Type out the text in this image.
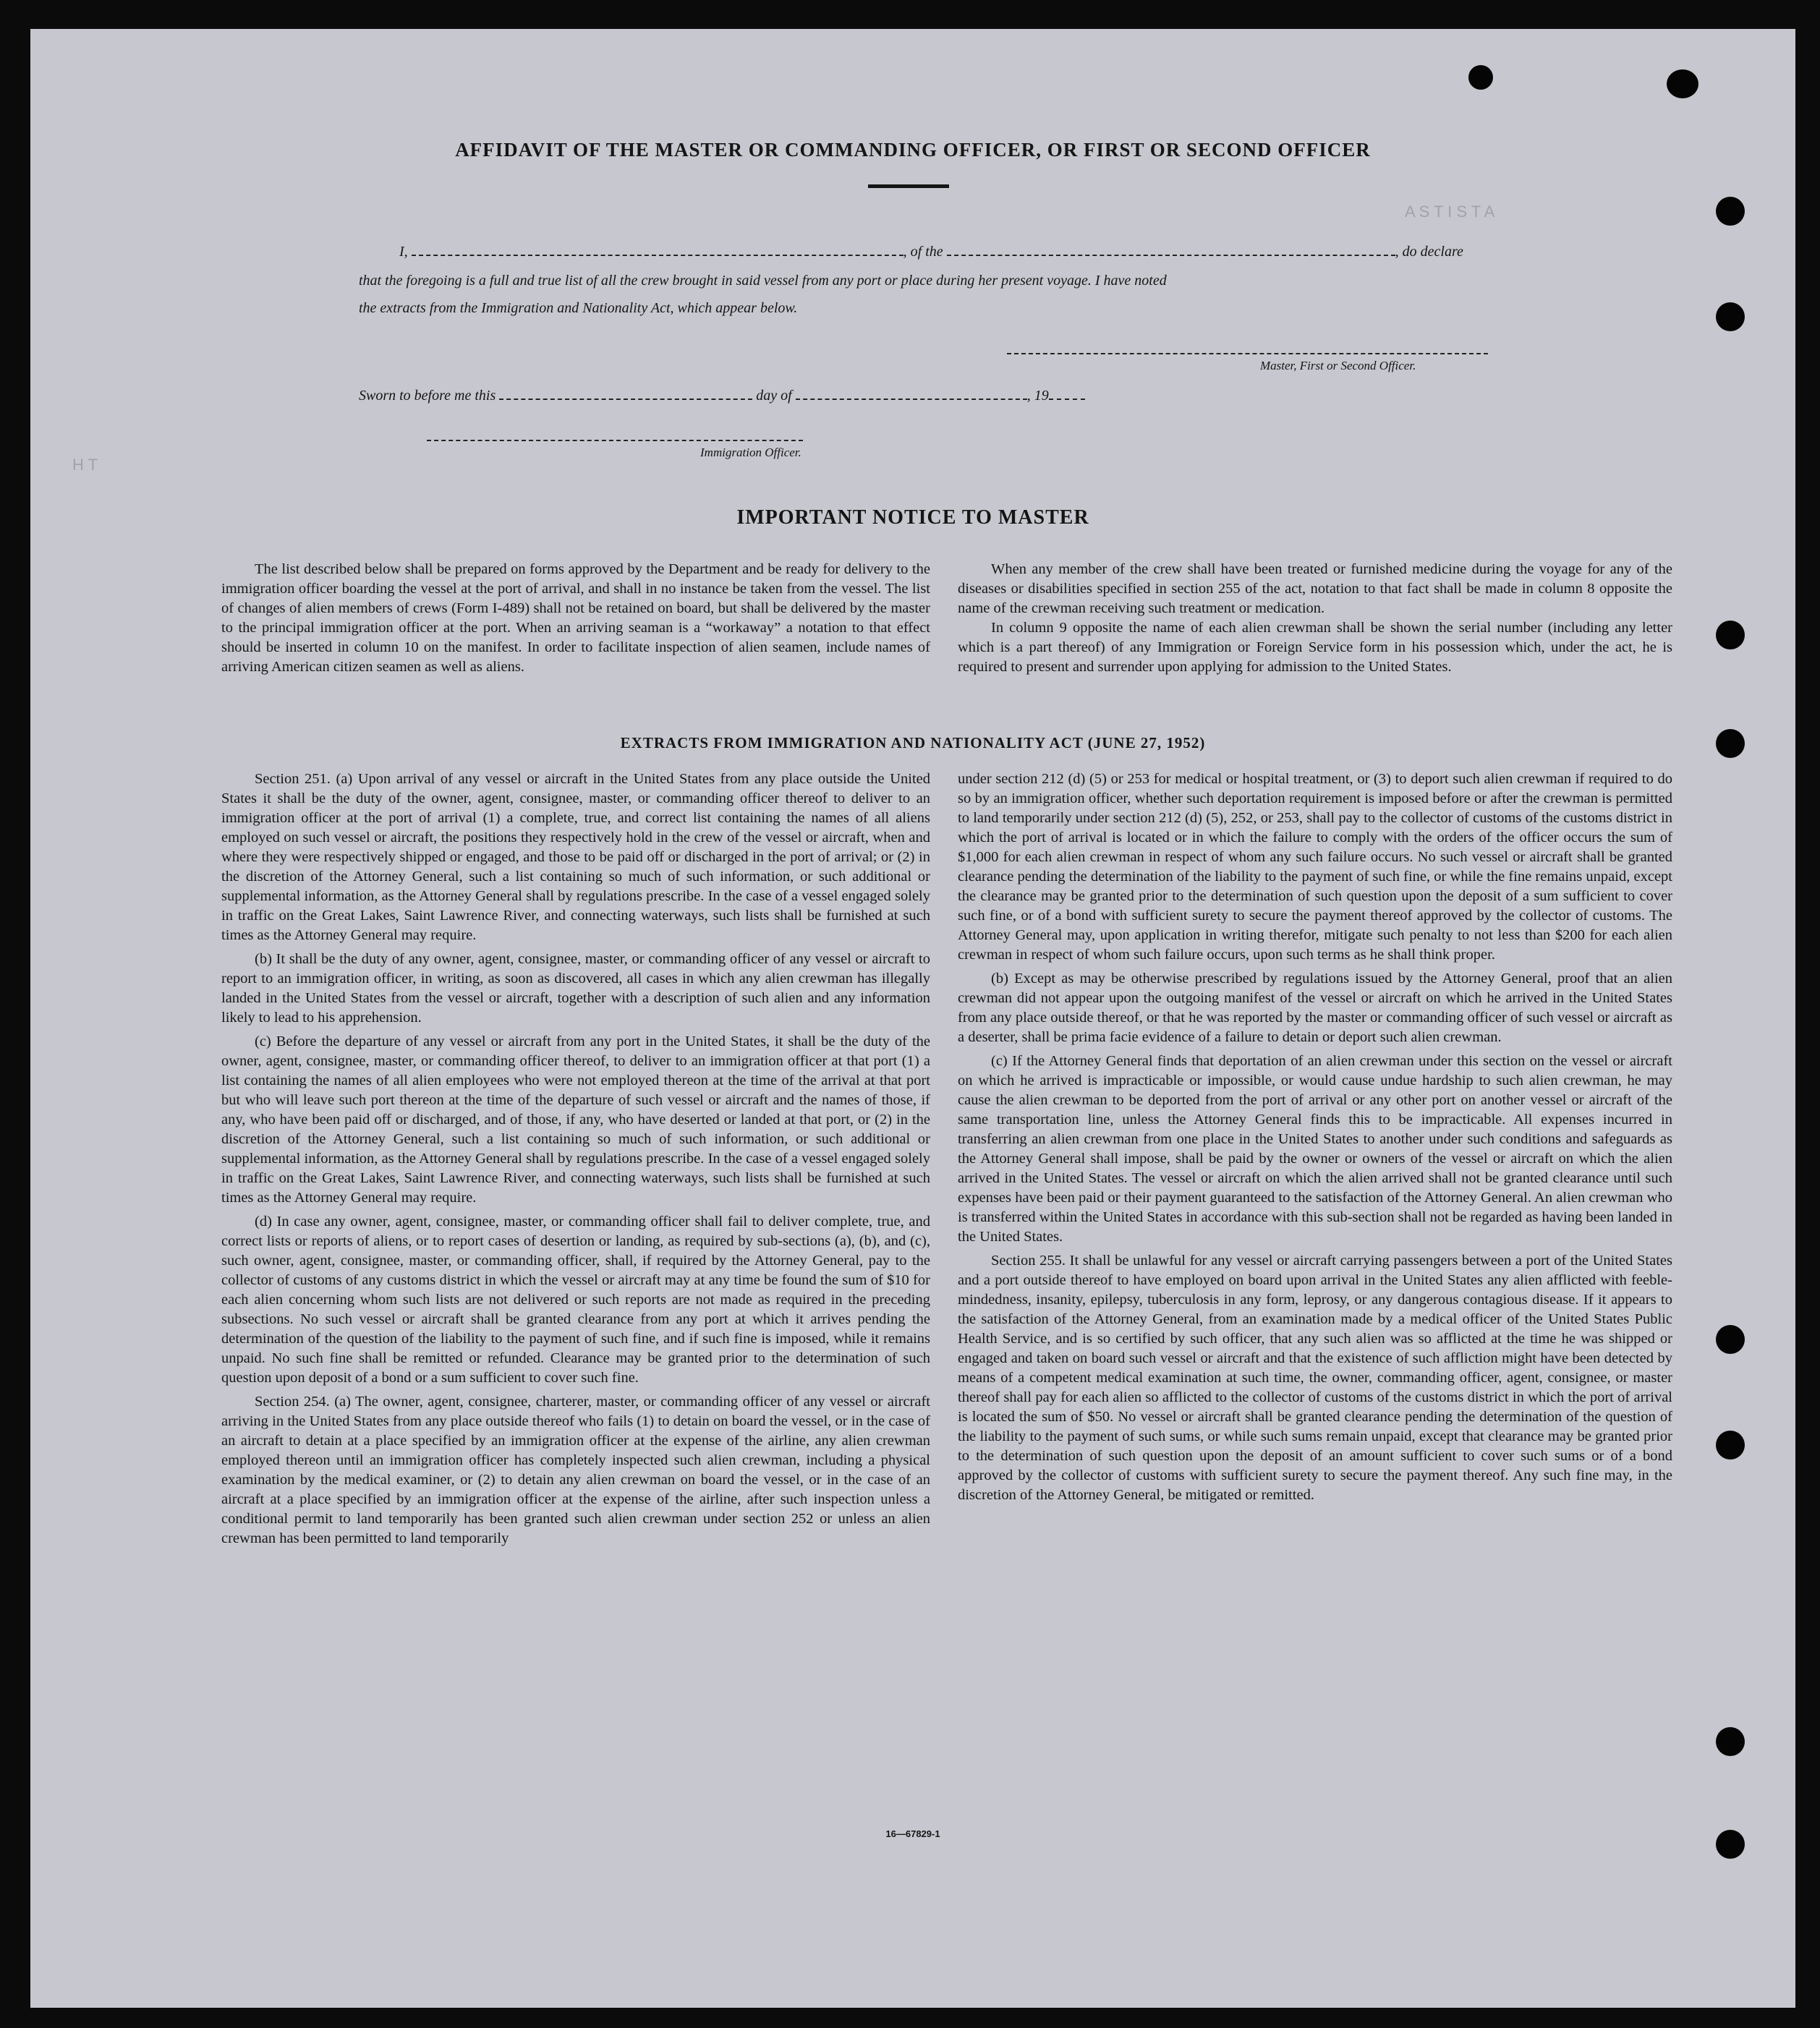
AFFIDAVIT OF THE MASTER OR COMMANDING OFFICER, OR FIRST OR SECOND OFFICER
I,	, of the	, do declare
that the foregoing is a full and true list of all the crew brought in said vessel from any port or place during her present voyage. I have noted
the extracts from the Immigration and Nationality Act, which appear below.
Master, First or Second Officer.
Sworn to before me this	day of	, 19
Immigration Officer.
A S T I S T A
H T
IMPORTANT NOTICE TO MASTER

The list described below shall be prepared on forms approved by the Department and be ready for delivery to the immigration officer boarding the vessel at the port of arrival, and shall in no instance be taken from the vessel. The list of changes of alien members of crews (Form I-489) shall not be retained on board, but shall be delivered by the master to the principal immigration officer at the port. When an arriving seaman is a “workaway” a notation to that effect should be inserted in column 10 on the manifest. In order to facilitate inspection of alien seamen, include names of arriving American citizen seamen as well as aliens.

When any member of the crew shall have been treated or furnished medicine during the voyage for any of the diseases or disabilities specified in section 255 of the act, notation to that fact shall be made in column 8 opposite the name of the crewman receiving such treatment or medication.

In column 9 opposite the name of each alien crewman shall be shown the serial number (including any letter which is a part thereof) of any Immigration or Foreign Service form in his possession which, under the act, he is required to present and surrender upon applying for admission to the United States.

EXTRACTS FROM IMMIGRATION AND NATIONALITY ACT (JUNE 27, 1952)

Section 251. (a) Upon arrival of any vessel or aircraft in the United States from any place outside the United States it shall be the duty of the owner, agent, consignee, master, or commanding officer thereof to deliver to an immigration officer at the port of arrival (1) a complete, true, and correct list containing the names of all aliens employed on such vessel or aircraft, the positions they respectively hold in the crew of the vessel or aircraft, when and where they were respectively shipped or engaged, and those to be paid off or discharged in the port of arrival; or (2) in the discretion of the Attorney General, such a list containing so much of such information, or such additional or supplemental information, as the Attorney General shall by regulations prescribe. In the case of a vessel engaged solely in traffic on the Great Lakes, Saint Lawrence River, and connecting waterways, such lists shall be furnished at such times as the Attorney General may require.

(b) It shall be the duty of any owner, agent, consignee, master, or commanding officer of any vessel or aircraft to report to an immigration officer, in writing, as soon as discovered, all cases in which any alien crewman has illegally landed in the United States from the vessel or aircraft, together with a description of such alien and any information likely to lead to his apprehension.

(c) Before the departure of any vessel or aircraft from any port in the United States, it shall be the duty of the owner, agent, consignee, master, or commanding officer thereof, to deliver to an immigration officer at that port (1) a list containing the names of all alien employees who were not employed thereon at the time of the arrival at that port but who will leave such port thereon at the time of the departure of such vessel or aircraft and the names of those, if any, who have been paid off or discharged, and of those, if any, who have deserted or landed at that port, or (2) in the discretion of the Attorney General, such a list containing so much of such information, or such additional or supplemental information, as the Attorney General shall by regulations prescribe. In the case of a vessel engaged solely in traffic on the Great Lakes, Saint Lawrence River, and connecting waterways, such lists shall be furnished at such times as the Attorney General may require.

(d) In case any owner, agent, consignee, master, or commanding officer shall fail to deliver complete, true, and correct lists or reports of aliens, or to report cases of desertion or landing, as required by sub-sections (a), (b), and (c), such owner, agent, consignee, master, or commanding officer, shall, if required by the Attorney General, pay to the collector of customs of any customs district in which the vessel or aircraft may at any time be found the sum of $10 for each alien concerning whom such lists are not delivered or such reports are not made as required in the preceding subsections. No such vessel or aircraft shall be granted clearance from any port at which it arrives pending the determination of the question of the liability to the payment of such fine, and if such fine is imposed, while it remains unpaid. No such fine shall be remitted or refunded. Clearance may be granted prior to the determination of such question upon deposit of a bond or a sum sufficient to cover such fine.

Section 254. (a) The owner, agent, consignee, charterer, master, or commanding officer of any vessel or aircraft arriving in the United States from any place outside thereof who fails (1) to detain on board the vessel, or in the case of an aircraft to detain at a place specified by an immigration officer at the expense of the airline, any alien crewman employed thereon until an immigration officer has completely inspected such alien crewman, including a physical examination by the medical examiner, or (2) to detain any alien crewman on board the vessel, or in the case of an aircraft at a place specified by an immigration officer at the expense of the airline, after such inspection unless a conditional permit to land temporarily has been granted such alien crewman under section 252 or unless an alien crewman has been permitted to land temporarily

under section 212 (d) (5) or 253 for medical or hospital treatment, or (3) to deport such alien crewman if required to do so by an immigration officer, whether such deportation requirement is imposed before or after the crewman is permitted to land temporarily under section 212 (d) (5), 252, or 253, shall pay to the collector of customs of the customs district in which the port of arrival is located or in which the failure to comply with the orders of the officer occurs the sum of $1,000 for each alien crewman in respect of whom any such failure occurs. No such vessel or aircraft shall be granted clearance pending the determination of the liability to the payment of such fine, or while the fine remains unpaid, except the clearance may be granted prior to the determination of such question upon the deposit of a sum sufficient to cover such fine, or of a bond with sufficient surety to secure the payment thereof approved by the collector of customs. The Attorney General may, upon application in writing therefor, mitigate such penalty to not less than $200 for each alien crewman in respect of whom such failure occurs, upon such terms as he shall think proper.

(b) Except as may be otherwise prescribed by regulations issued by the Attorney General, proof that an alien crewman did not appear upon the outgoing manifest of the vessel or aircraft on which he arrived in the United States from any place outside thereof, or that he was reported by the master or commanding officer of such vessel or aircraft as a deserter, shall be prima facie evidence of a failure to detain or deport such alien crewman.

(c) If the Attorney General finds that deportation of an alien crewman under this section on the vessel or aircraft on which he arrived is impracticable or impossible, or would cause undue hardship to such alien crewman, he may cause the alien crewman to be deported from the port of arrival or any other port on another vessel or aircraft of the same transportation line, unless the Attorney General finds this to be impracticable. All expenses incurred in transferring an alien crewman from one place in the United States to another under such conditions and safeguards as the Attorney General shall impose, shall be paid by the owner or owners of the vessel or aircraft on which the alien arrived in the United States. The vessel or aircraft on which the alien arrived shall not be granted clearance until such expenses have been paid or their payment guaranteed to the satisfaction of the Attorney General. An alien crewman who is transferred within the United States in accordance with this sub-section shall not be regarded as having been landed in the United States.

Section 255. It shall be unlawful for any vessel or aircraft carrying passengers between a port of the United States and a port outside thereof to have employed on board upon arrival in the United States any alien afflicted with feeble-mindedness, insanity, epilepsy, tuberculosis in any form, leprosy, or any dangerous contagious disease. If it appears to the satisfaction of the Attorney General, from an examination made by a medical officer of the United States Public Health Service, and is so certified by such officer, that any such alien was so afflicted at the time he was shipped or engaged and taken on board such vessel or aircraft and that the existence of such affliction might have been detected by means of a competent medical examination at such time, the owner, commanding officer, agent, consignee, or master thereof shall pay for each alien so afflicted to the collector of customs of the customs district in which the port of arrival is located the sum of $50. No vessel or aircraft shall be granted clearance pending the determination of the question of the liability to the payment of such sums, or while such sums remain unpaid, except that clearance may be granted prior to the determination of such question upon the deposit of an amount sufficient to cover such sums or of a bond approved by the collector of customs with sufficient surety to secure the payment thereof. Any such fine may, in the discretion of the Attorney General, be mitigated or remitted.

16—67829-1
